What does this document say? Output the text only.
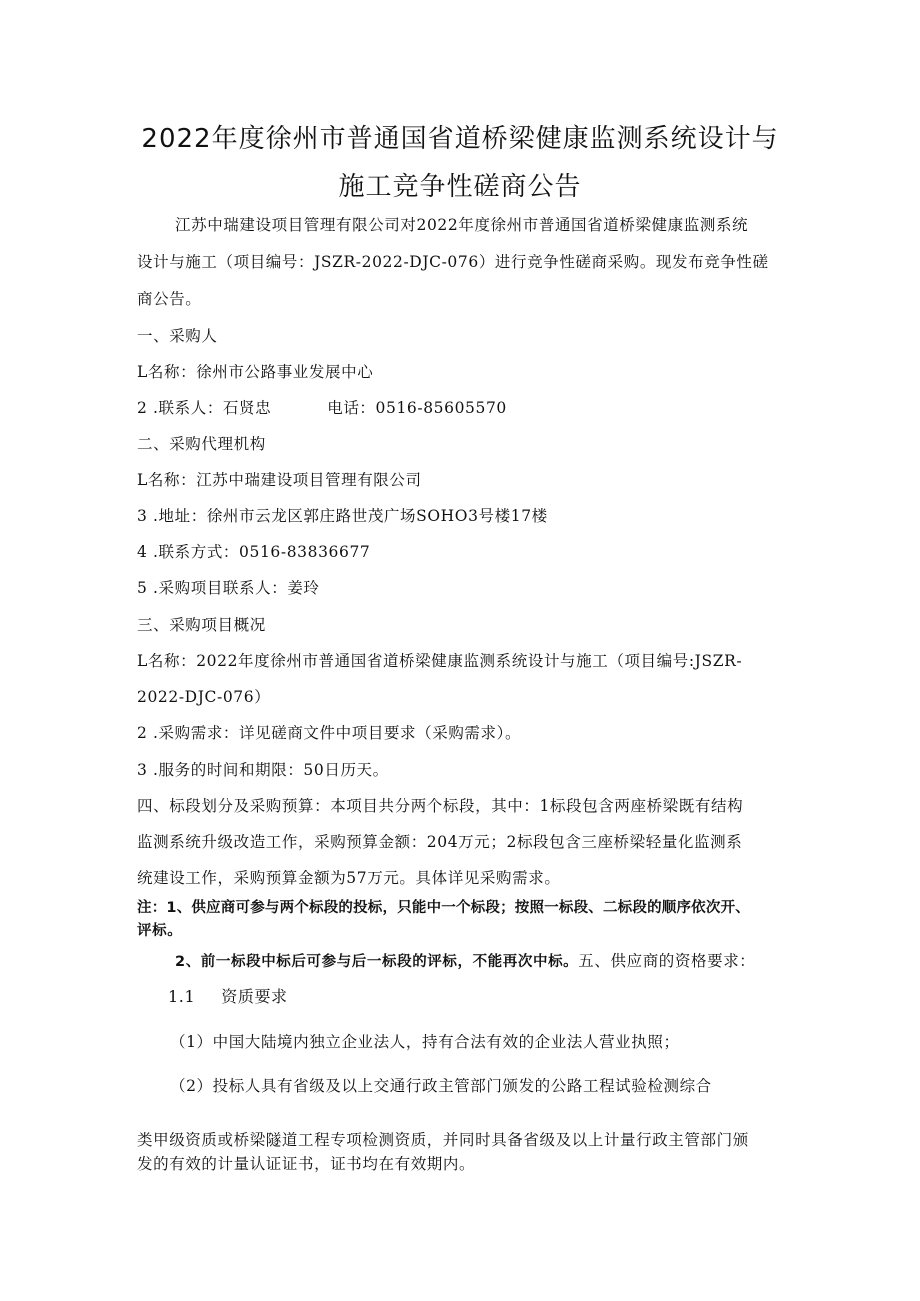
2022年度徐州市普通国省道桥梁健康监测系统设计与
施工竞争性磋商公告
江苏中瑞建设项目管理有限公司对2022年度徐州市普通国省道桥梁健康监测系统
设计与施工（项目编号：JSZR-2022-DJC-076）进行竞争性磋商采购。现发布竞争性磋
商公告。
一、采购人
L名称：徐州市公路事业发展中心
2 .联系人：石贤忠	电话：0516-85605570
二、采购代理机构
L名称：江苏中瑞建设项目管理有限公司
3 .地址：徐州市云龙区郭庄路世茂广场SOHO3号楼17楼
4 .联系方式：0516-83836677
5 .采购项目联系人：姜玲
三、采购项目概况
L名称：2022年度徐州市普通国省道桥梁健康监测系统设计与施工（项目编号:JSZR-
2022-DJC-076）
2 .采购需求：详见磋商文件中项目要求（采购需求）。
3 .服务的时间和期限：50日历天。
四、标段划分及采购预算：本项目共分两个标段，其中：1标段包含两座桥梁既有结构
监测系统升级改造工作，采购预算金额：204万元；2标段包含三座桥梁轻量化监测系
统建设工作，采购预算金额为57万元。具体详见采购需求。
注：1、供应商可参与两个标段的投标，只能中一个标段；按照一标段、二标段的顺序依次开、
评标。
2、前一标段中标后可参与后一标段的评标，不能再次中标。五、供应商的资格要求：
1.1 资质要求
（1）中国大陆境内独立企业法人，持有合法有效的企业法人营业执照；
（2）投标人具有省级及以上交通行政主管部门颁发的公路工程试验检测综合
类甲级资质或桥梁隧道工程专项检测资质，并同时具备省级及以上计量行政主管部门颁
发的有效的计量认证证书，证书均在有效期内。
